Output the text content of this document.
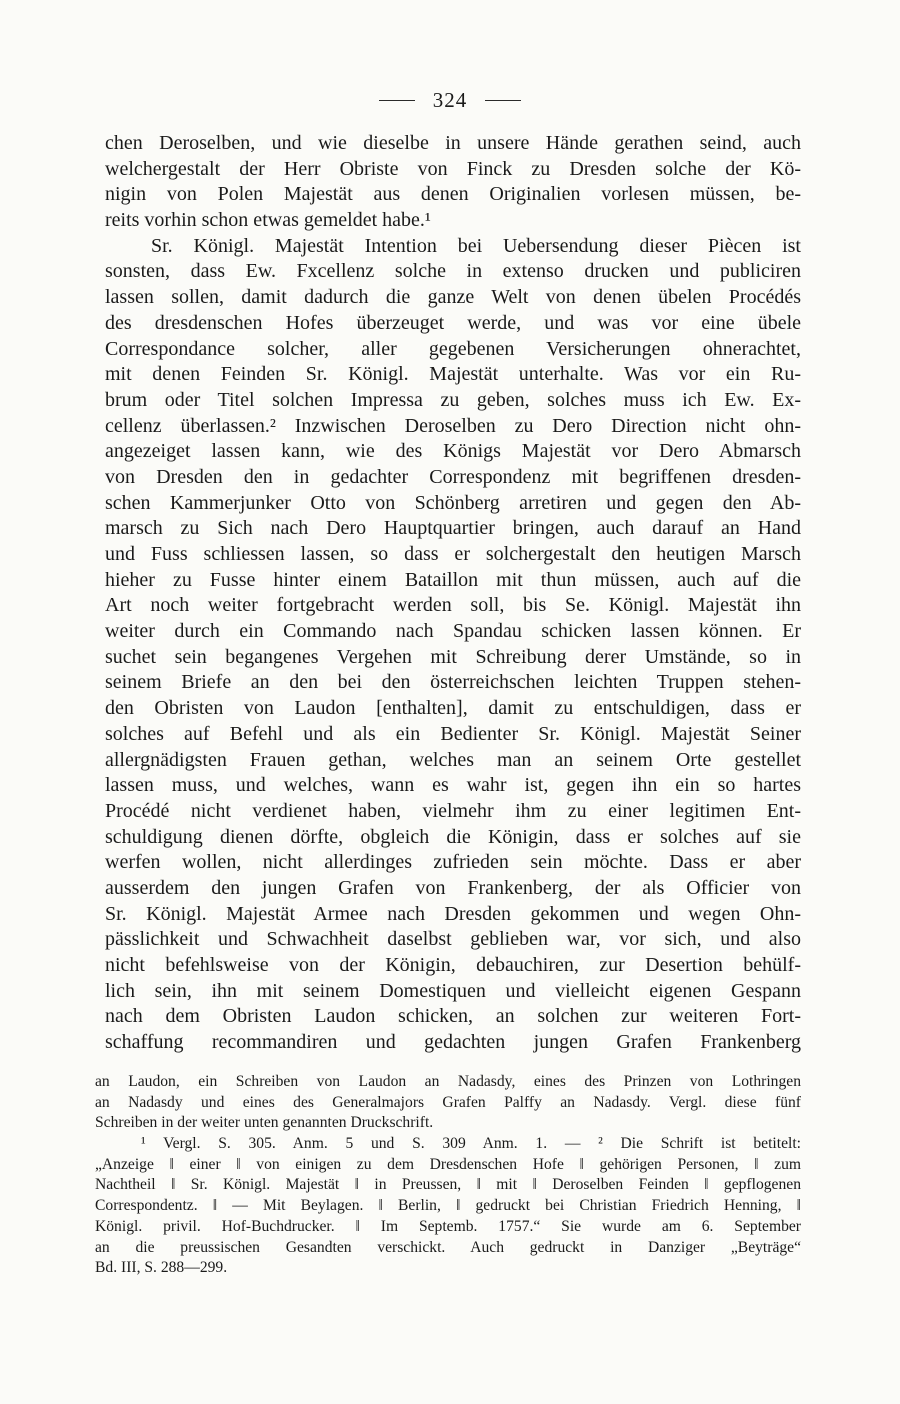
324
chen Deroselben, und wie dieselbe in unsere Hände gerathen seind, auch
welchergestalt der Herr Obriste von Finck zu Dresden solche der Kö-
nigin von Polen Majestät aus denen Originalien vorlesen müssen, be-
reits vorhin schon etwas gemeldet habe.¹
Sr. Königl. Majestät Intention bei Uebersendung dieser Piècen ist
sonsten, dass Ew. Fxcellenz solche in extenso drucken und publiciren
lassen sollen, damit dadurch die ganze Welt von denen übelen Procédés
des dresdenschen Hofes überzeuget werde, und was vor eine übele
Correspondance solcher, aller gegebenen Versicherungen ohnerachtet,
mit denen Feinden Sr. Königl. Majestät unterhalte. Was vor ein Ru-
brum oder Titel solchen Impressa zu geben, solches muss ich Ew. Ex-
cellenz überlassen.² Inzwischen Deroselben zu Dero Direction nicht ohn-
angezeiget lassen kann, wie des Königs Majestät vor Dero Abmarsch
von Dresden den in gedachter Correspondenz mit begriffenen dresden-
schen Kammerjunker Otto von Schönberg arretiren und gegen den Ab-
marsch zu Sich nach Dero Hauptquartier bringen, auch darauf an Hand
und Fuss schliessen lassen, so dass er solchergestalt den heutigen Marsch
hieher zu Fusse hinter einem Bataillon mit thun müssen, auch auf die
Art noch weiter fortgebracht werden soll, bis Se. Königl. Majestät ihn
weiter durch ein Commando nach Spandau schicken lassen können. Er
suchet sein begangenes Vergehen mit Schreibung derer Umstände, so in
seinem Briefe an den bei den österreichschen leichten Truppen stehen-
den Obristen von Laudon [enthalten], damit zu entschuldigen, dass er
solches auf Befehl und als ein Bedienter Sr. Königl. Majestät Seiner
allergnädigsten Frauen gethan, welches man an seinem Orte gestellet
lassen muss, und welches, wann es wahr ist, gegen ihn ein so hartes
Procédé nicht verdienet haben, vielmehr ihm zu einer legitimen Ent-
schuldigung dienen dörfte, obgleich die Königin, dass er solches auf sie
werfen wollen, nicht allerdinges zufrieden sein möchte. Dass er aber
ausserdem den jungen Grafen von Frankenberg, der als Officier von
Sr. Königl. Majestät Armee nach Dresden gekommen und wegen Ohn-
pässlichkeit und Schwachheit daselbst geblieben war, vor sich, und also
nicht befehlsweise von der Königin, debauchiren, zur Desertion behülf-
lich sein, ihn mit seinem Domestiquen und vielleicht eigenen Gespann
nach dem Obristen Laudon schicken, an solchen zur weiteren Fort-
schaffung recommandiren und gedachten jungen Grafen Frankenberg
an Laudon, ein Schreiben von Laudon an Nadasdy, eines des Prinzen von Lothringen
an Nadasdy und eines des Generalmajors Grafen Palffy an Nadasdy. Vergl. diese fünf
Schreiben in der weiter unten genannten Druckschrift.
¹ Vergl. S. 305. Anm. 5 und S. 309 Anm. 1. — ² Die Schrift ist betitelt:
„Anzeige ‖ einer ‖ von einigen zu dem Dresdenschen Hofe ‖ gehörigen Personen, ‖ zum
Nachtheil ‖ Sr. Königl. Majestät ‖ in Preussen, ‖ mit ‖ Deroselben Feinden ‖ gepflogenen
Correspondentz. ‖ — Mit Beylagen. ‖ Berlin, ‖ gedruckt bei Christian Friedrich Henning, ‖
Königl. privil. Hof-Buchdrucker. ‖ Im Septemb. 1757.“ Sie wurde am 6. September
an die preussischen Gesandten verschickt. Auch gedruckt in Danziger „Beyträge“
Bd. III, S. 288—299.
